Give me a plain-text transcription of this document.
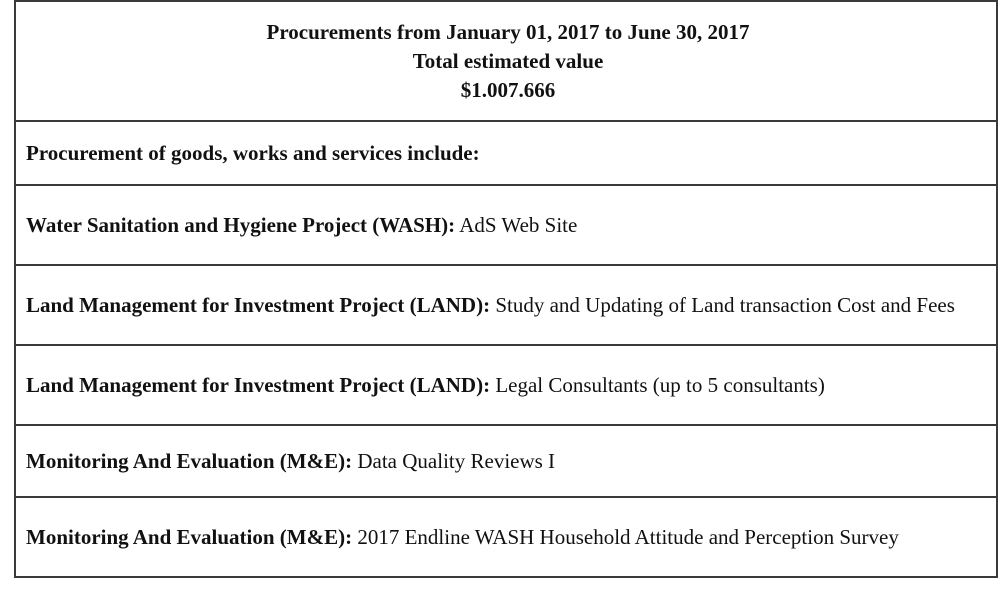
Procurements from January 01, 2017 to June 30, 2017
Total estimated value
$1.007.666

Procurement of goods, works and services include:
Water Sanitation and Hygiene Project (WASH): AdS Web Site
Land Management for Investment Project (LAND): Study and Updating of Land transaction Cost and Fees
Land Management for Investment Project (LAND): Legal Consultants (up to 5 consultants)
Monitoring And Evaluation (M&E): Data Quality Reviews I
Monitoring And Evaluation (M&E): 2017 Endline WASH Household Attitude and Perception Survey
